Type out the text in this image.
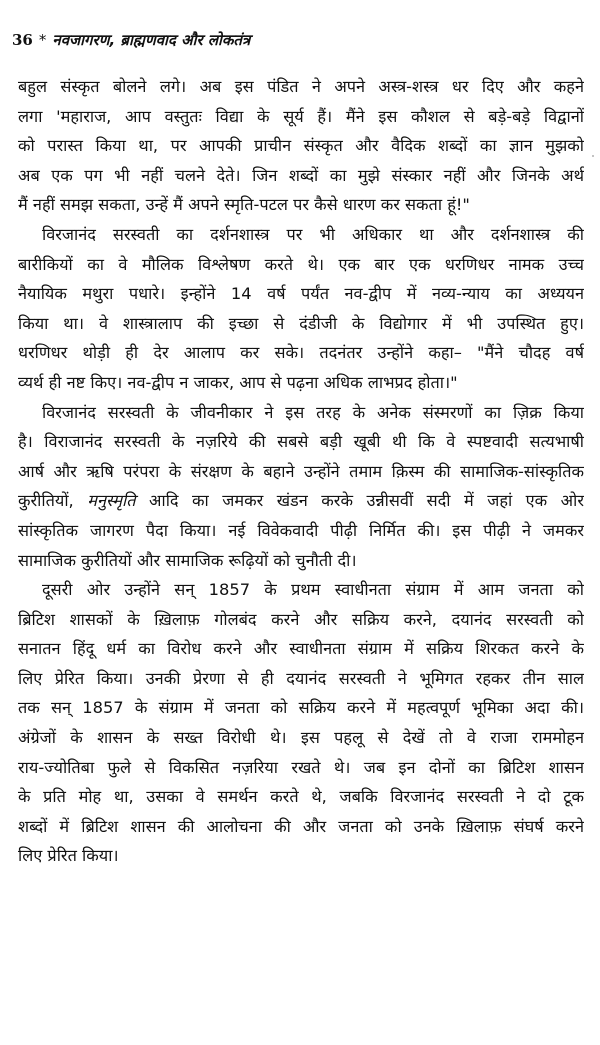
36 * नवजागरण, ब्राह्मणवाद और लोकतंत्र
बहुल संस्कृत बोलने लगे। अब इस पंडित ने अपने अस्त्र-शस्त्र धर दिए और कहने
लगा 'महाराज, आप वस्तुतः विद्या के सूर्य हैं। मैंने इस कौशल से बड़े-बड़े विद्वानों
को परास्त किया था, पर आपकी प्राचीन संस्कृत और वैदिक शब्दों का ज्ञान मुझको
अब एक पग भी नहीं चलने देते। जिन शब्दों का मुझे संस्कार नहीं और जिनके अर्थ
मैं नहीं समझ सकता, उन्हें मैं अपने स्मृति-पटल पर कैसे धारण कर सकता हूं!"
विरजानंद सरस्वती का दर्शनशास्त्र पर भी अधिकार था और दर्शनशास्त्र की
बारीकियों का वे मौलिक विश्लेषण करते थे। एक बार एक धरणिधर नामक उच्च
नैयायिक मथुरा पधारे। इन्होंने 14 वर्ष पर्यंत नव-द्वीप में नव्य-न्याय का अध्ययन
किया था। वे शास्त्रालाप की इच्छा से दंडीजी के विद्योगार में भी उपस्थित हुए।
धरणिधर थोड़ी ही देर आलाप कर सके। तदनंतर उन्होंने कहा– "मैंने चौदह वर्ष
व्यर्थ ही नष्ट किए। नव-द्वीप न जाकर, आप से पढ़ना अधिक लाभप्रद होता।"
विरजानंद सरस्वती के जीवनीकार ने इस तरह के अनेक संस्मरणों का ज़िक्र किया
है। विराजानंद सरस्वती के नज़रिये की सबसे बड़ी खूबी थी कि वे स्पष्टवादी सत्यभाषी
आर्ष और ऋषि परंपरा के संरक्षण के बहाने उन्होंने तमाम क़िस्म की सामाजिक-सांस्कृतिक
कुरीतियों, मनुस्मृति आदि का जमकर खंडन करके उन्नीसवीं सदी में जहां एक ओर
सांस्कृतिक जागरण पैदा किया। नई विवेकवादी पीढ़ी निर्मित की। इस पीढ़ी ने जमकर
सामाजिक कुरीतियों और सामाजिक रूढ़ियों को चुनौती दी।
दूसरी ओर उन्होंने सन् 1857 के प्रथम स्वाधीनता संग्राम में आम जनता को
ब्रिटिश शासकों के ख़िलाफ़ गोलबंद करने और सक्रिय करने, दयानंद सरस्वती को
सनातन हिंदू धर्म का विरोध करने और स्वाधीनता संग्राम में सक्रिय शिरकत करने के
लिए प्रेरित किया। उनकी प्रेरणा से ही दयानंद सरस्वती ने भूमिगत रहकर तीन साल
तक सन् 1857 के संग्राम में जनता को सक्रिय करने में महत्वपूर्ण भूमिका अदा की।
अंग्रेजों के शासन के सख्त विरोधी थे। इस पहलू से देखें तो वे राजा राममोहन
राय-ज्योतिबा फुले से विकसित नज़रिया रखते थे। जब इन दोनों का ब्रिटिश शासन
के प्रति मोह था, उसका वे समर्थन करते थे, जबकि विरजानंद सरस्वती ने दो टूक
शब्दों में ब्रिटिश शासन की आलोचना की और जनता को उनके ख़िलाफ़ संघर्ष करने
लिए प्रेरित किया।
